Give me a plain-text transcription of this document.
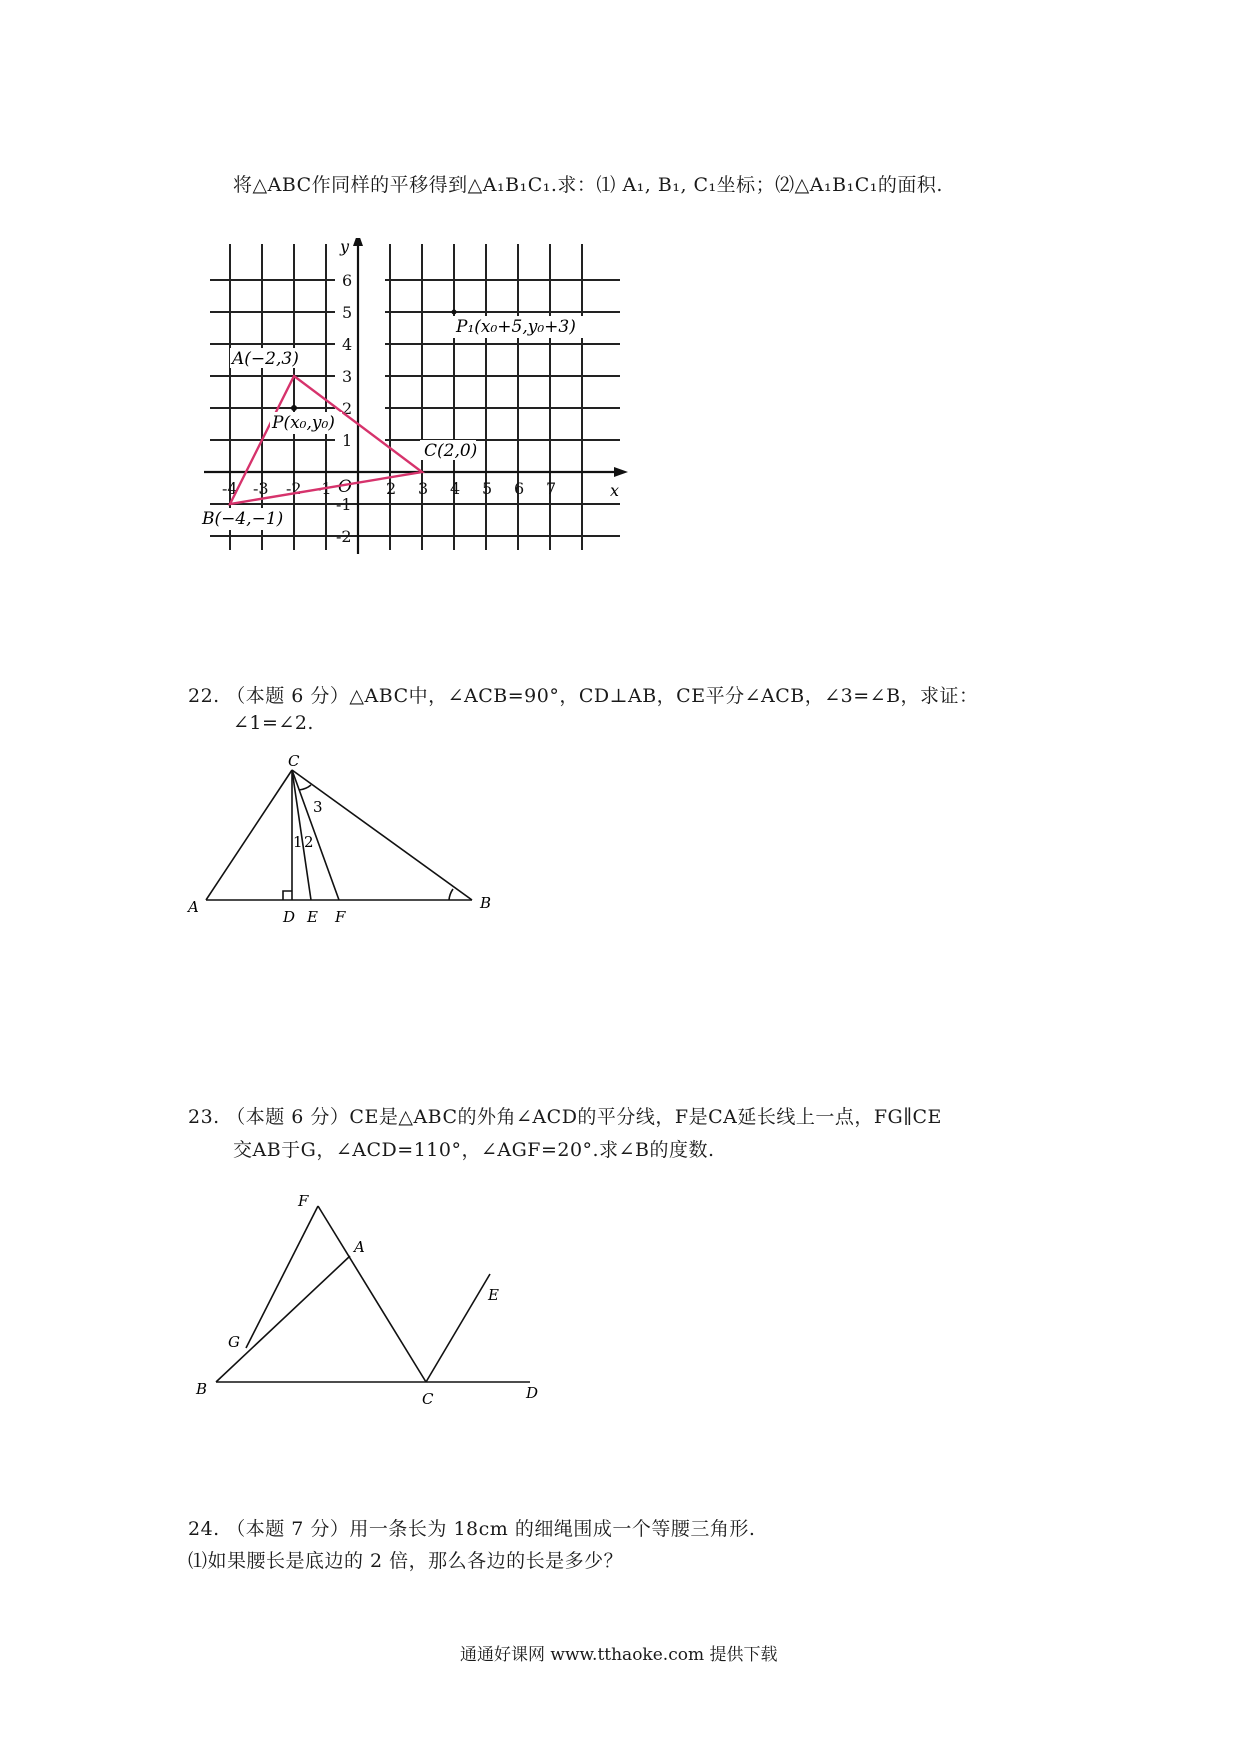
将△ABC作同样的平移得到△A₁B₁C₁.求：⑴ A₁, B₁, C₁坐标；⑵△A₁B₁C₁的面积.
y
x
O
-4 -3 -2 -1	2 3 4 5 6 7
6
5
4
3
2
1
-1
-2
A(−2,3)
P(x₀,y₀)
C(2,0)
B(−4,−1)
P₁(x₀+5,y₀+3)
22. （本题 6 分）△ABC中，∠ACB=90°，CD⊥AB，CE平分∠ACB，∠3=∠B，求证：
∠1=∠2.
C
A	B
D E F
1 2
3
23. （本题 6 分）CE是△ABC的外角∠ACD的平分线，F是CA延长线上一点，FG∥CE
交AB于G，∠ACD=110°，∠AGF=20°.求∠B的度数.
F
A
E
G
B
C	D
24. （本题 7 分）用一条长为 18cm 的细绳围成一个等腰三角形.
⑴如果腰长是底边的 2 倍，那么各边的长是多少？
通通好课网 www.tthaoke.com 提供下载
